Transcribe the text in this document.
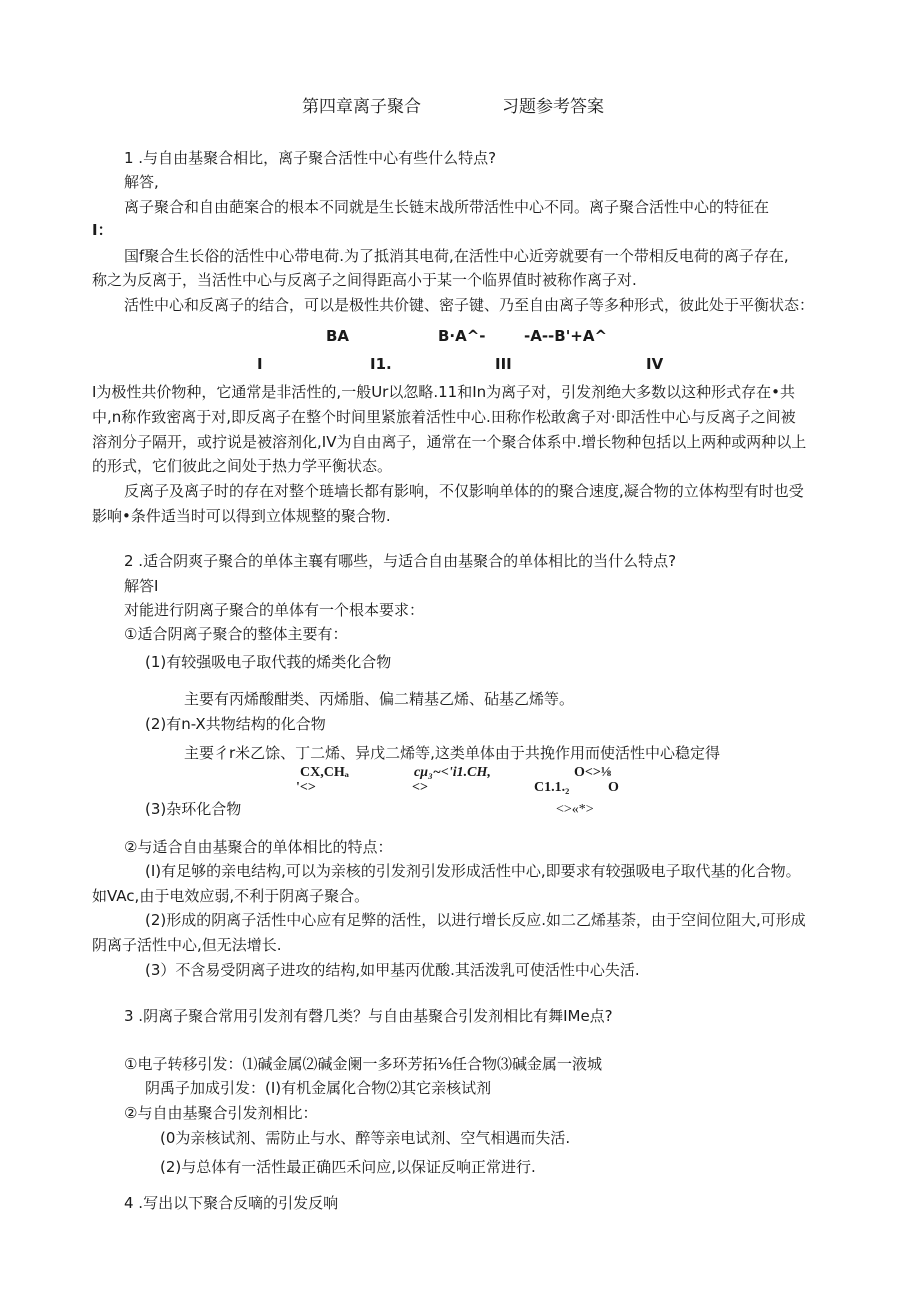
第四章离子聚合	习题参考答案
1 .与自由基聚合相比，离子聚合活性中心有些什么特点?
解答,
离子聚合和自由葩案合的根本不同就是生长链末战所带活性中心不同。离子聚合活性中心的特征在
I：
国f聚合生长俗的活性中心带电荷.为了抵消其电荷,在活性中心近旁就要有一个带相反电荷的离子存在,
称之为反离于，当活性中心与反离子之间得距高小于某一个临界值时被称作离子对.
活性中心和反离子的结合，可以是极性共价键、密子键、乃至自由离子等多种形式，彼此处于平衡状态：
BA	B·A^-	-A--B'+A^
I	I1.	III	IV
I为极性共价物种，它通常是非活性的,一般Ur以忽略.11和In为离子对，引发剂绝大多数以这种形式存在•共
中,n称作致密离于对,即反离子在整个时间里紧旅着活性中心.田称作松敢禽子对·即活性中心与反离子之间被
溶剂分子隔开，或拧说是被溶剂化,IV为自由离子，通常在一个聚合体系中.增长物种包括以上两种或两种以上
的形式，它们彼此之间处于热力学平衡状态。
反离子及离子时的存在对整个琏墙长都有影响，不仅影响单体的的聚合速度,凝合物的立体构型有时也受
影响•条件适当时可以得到立体规整的聚合物.
2 .适合阴爽子聚合的单体主襄有哪些，与适合自由基聚合的单体相比的当什么特点?
解答I
对能进行阴离子聚合的单体有一个根本要求：
①适合阴离子聚合的整体主要有：
(1)有较强吸电子取代莪的烯类化合物
主要有丙烯酸酣类、丙烯脂、偏二精基乙烯、砧基乙烯等。
(2)有n-X共物结构的化合物
主要彳r米乙馀、丁二烯、异戊二烯等,这类单体由于共挽作用而使活性中心稳定得
CX,CHₐ	cμ₃~<'i1.CH,	O<>⅛
'<>	<>	C1.1.₂	O
(3)杂环化合物	<>«*>
②与适合自由基聚合的单体相比的特点：
(I)有足够的亲电结构,可以为亲核的引发剂引发形成活性中心,即要求有较强吸电子取代基的化合物。
如VAc,由于电效应弱,不利于阴离子聚合。
(2)形成的阴离子活性中心应有足弊的活性，以进行增长反应.如二乙烯基荼，由于空间位阻大,可形成
阴离子活性中心,但无法增长.
(3）不含易受阴离子进攻的结构,如甲基丙优酸.其活泼乳可使活性中心失活.
3 .阴离子聚合常用引发剂有磬几类？与自由基聚合引发剂相比有舞IMe点?
①电子转移引发：⑴碱金属⑵碱金阑一多环芳拓⅛任合物⑶碱金属一液城
阴禹子加成引发：(I)有机金属化合物⑵其它亲核试剂
②与自由基聚合引发剂相比：
(0为亲核试剂、需防止与水、醉等亲电试剂、空气相遇而失活.
(2)与总体有一活性最正确匹禾问应,以保证反响正常进行.
4 .写出以下聚合反嘀的引发反响
